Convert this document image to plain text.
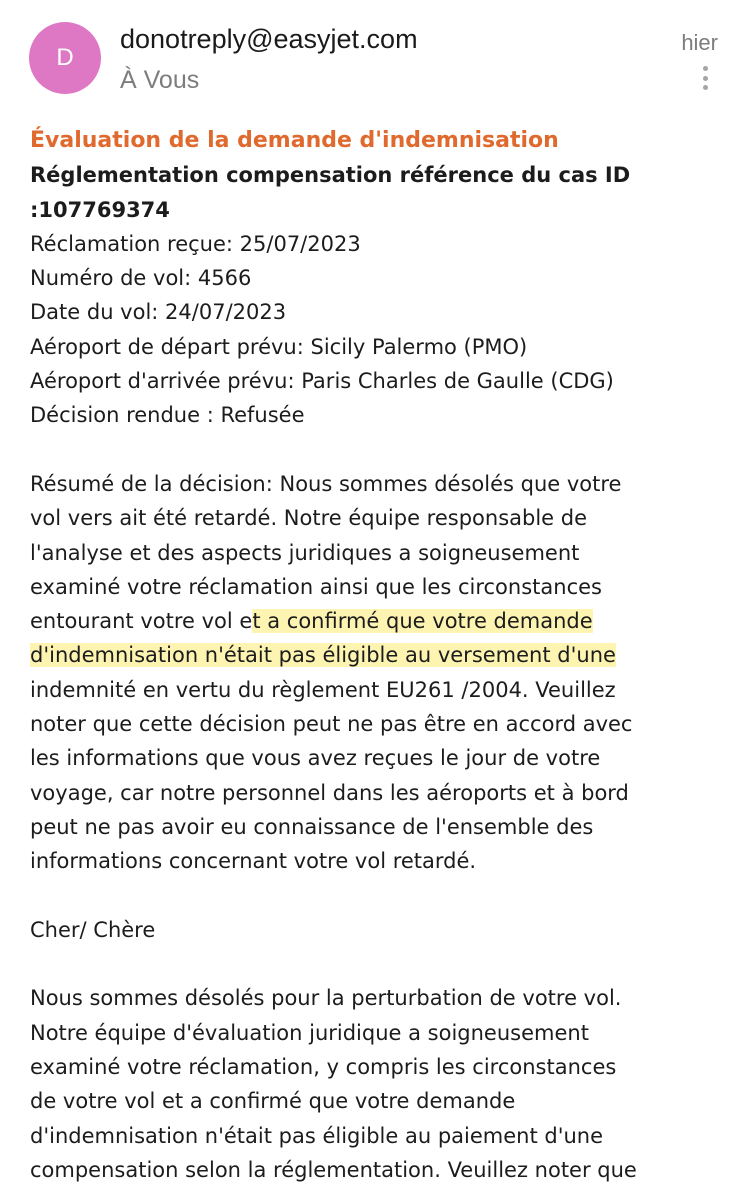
D
donotreply@easyjet.com
À Vous
hier
Évaluation de la demande d'indemnisation
Réglementation compensation référence du cas ID
:107769374
Réclamation reçue: 25/07/2023
Numéro de vol: 4566
Date du vol: 24/07/2023
Aéroport de départ prévu: Sicily Palermo (PMO)
Aéroport d'arrivée prévu: Paris Charles de Gaulle (CDG)
Décision rendue : Refusée
Résumé de la décision: Nous sommes désolés que votre
vol vers ait été retardé. Notre équipe responsable de
l'analyse et des aspects juridiques a soigneusement
examiné votre réclamation ainsi que les circonstances
entourant votre vol et a confirmé que votre demande
d'indemnisation n'était pas éligible au versement d'une
indemnité en vertu du règlement EU261 /2004. Veuillez
noter que cette décision peut ne pas être en accord avec
les informations que vous avez reçues le jour de votre
voyage, car notre personnel dans les aéroports et à bord
peut ne pas avoir eu connaissance de l'ensemble des
informations concernant votre vol retardé.
Cher/ Chère
Nous sommes désolés pour la perturbation de votre vol.
Notre équipe d'évaluation juridique a soigneusement
examiné votre réclamation, y compris les circonstances
de votre vol et a confirmé que votre demande
d'indemnisation n'était pas éligible au paiement d'une
compensation selon la réglementation. Veuillez noter que
